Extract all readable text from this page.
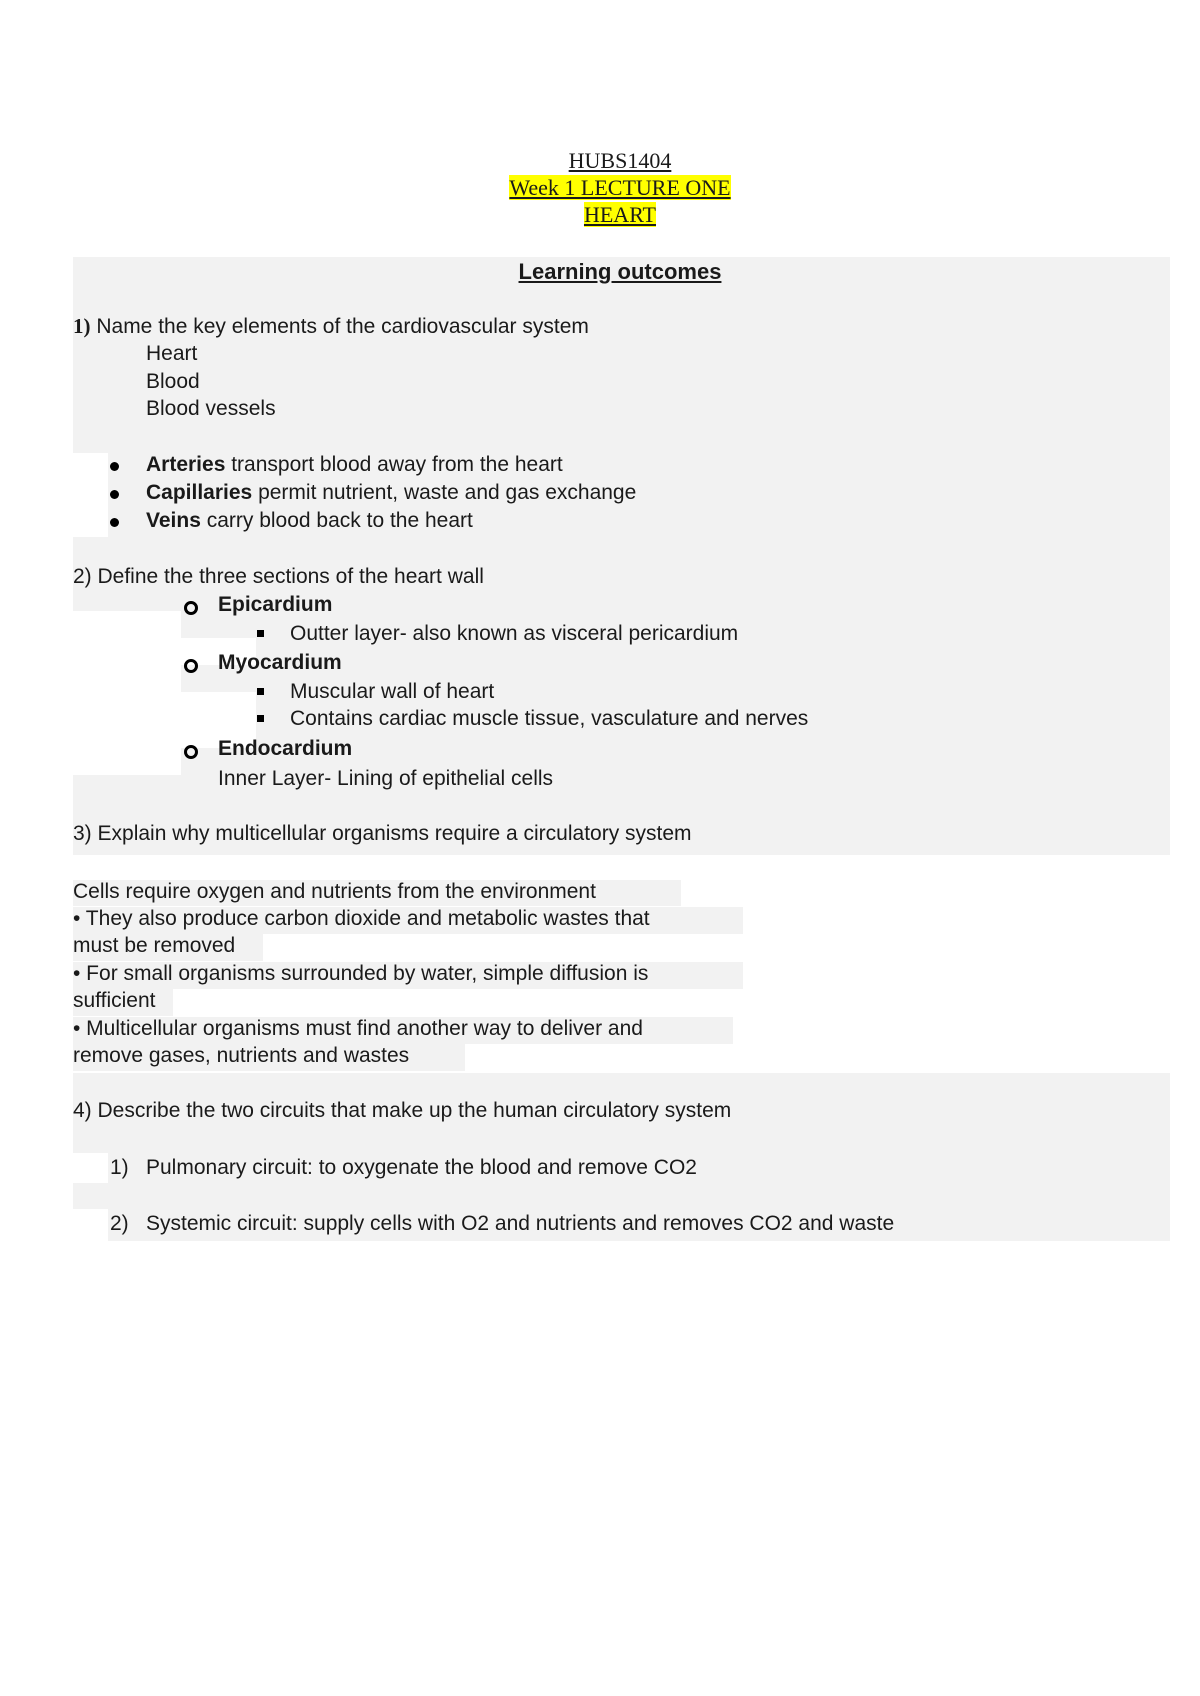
HUBS1404
Week 1 LECTURE ONE
HEART
Learning outcomes
1) Name the key elements of the cardiovascular system
Heart
Blood
Blood vessels
Arteries transport blood away from the heart
Capillaries permit nutrient, waste and gas exchange
Veins carry blood back to the heart
2) Define the three sections of the heart wall
Epicardium
Outter layer- also known as visceral pericardium
Myocardium
Muscular wall of heart
Contains cardiac muscle tissue, vasculature and nerves
Endocardium
Inner Layer- Lining of epithelial cells
3) Explain why multicellular organisms require a circulatory system
Cells require oxygen and nutrients from the environment
• They also produce carbon dioxide and metabolic wastes that
must be removed
• For small organisms surrounded by water, simple diffusion is
sufficient
• Multicellular organisms must find another way to deliver and
remove gases, nutrients and wastes
4) Describe the two circuits that make up the human circulatory system
1) Pulmonary circuit: to oxygenate the blood and remove CO2
2) Systemic circuit: supply cells with O2 and nutrients and removes CO2 and waste
